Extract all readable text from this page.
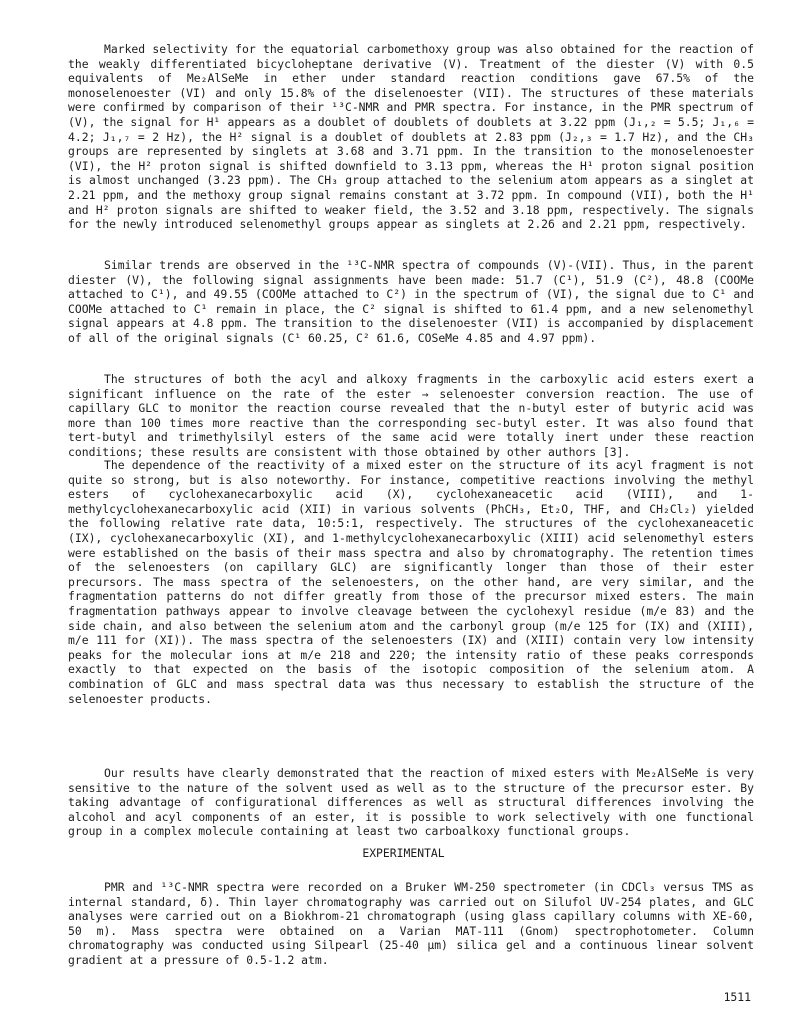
Marked selectivity for the equatorial carbomethoxy group was also obtained for the reaction of the weakly differentiated bicycloheptane derivative (V). Treatment of the diester (V) with 0.5 equivalents of Me₂AlSeMe in ether under standard reaction conditions gave 67.5% of the monoselenoester (VI) and only 15.8% of the diselenoester (VII). The structures of these materials were confirmed by comparison of their ¹³C-NMR and PMR spectra. For instance, in the PMR spectrum of (V), the signal for H¹ appears as a doublet of doublets of doublets at 3.22 ppm (J₁,₂ = 5.5; J₁,₆ = 4.2; J₁,₇ = 2 Hz), the H² signal is a doublet of doublets at 2.83 ppm (J₂,₃ = 1.7 Hz), and the CH₃ groups are represented by singlets at 3.68 and 3.71 ppm. In the transition to the monoselenoester (VI), the H² proton signal is shifted downfield to 3.13 ppm, whereas the H¹ proton signal position is almost unchanged (3.23 ppm). The CH₃ group attached to the selenium atom appears as a singlet at 2.21 ppm, and the methoxy group signal remains constant at 3.72 ppm. In compound (VII), both the H¹ and H² proton signals are shifted to weaker field, the 3.52 and 3.18 ppm, respectively. The signals for the newly introduced selenomethyl groups appear as singlets at 2.26 and 2.21 ppm, respectively.

Similar trends are observed in the ¹³C-NMR spectra of compounds (V)-(VII). Thus, in the parent diester (V), the following signal assignments have been made: 51.7 (C¹), 51.9 (C²), 48.8 (COOMe attached to C¹), and 49.55 (COOMe attached to C²) in the spectrum of (VI), the signal due to C¹ and COOMe attached to C¹ remain in place, the C² signal is shifted to 61.4 ppm, and a new selenomethyl signal appears at 4.8 ppm. The transition to the diselenoester (VII) is accompanied by displacement of all of the original signals (C¹ 60.25, C² 61.6, COSeMe 4.85 and 4.97 ppm).

The structures of both the acyl and alkoxy fragments in the carboxylic acid esters exert a significant influence on the rate of the ester → selenoester conversion reaction. The use of capillary GLC to monitor the reaction course revealed that the n-butyl ester of butyric acid was more than 100 times more reactive than the corresponding sec-butyl ester. It was also found that tert-butyl and trimethylsilyl esters of the same acid were totally inert under these reaction conditions; these results are consistent with those obtained by other authors [3].

The dependence of the reactivity of a mixed ester on the structure of its acyl fragment is not quite so strong, but is also noteworthy. For instance, competitive reactions involving the methyl esters of cyclohexanecarboxylic acid (X), cyclohexaneacetic acid (VIII), and 1-methylcyclohexanecarboxylic acid (XII) in various solvents (PhCH₃, Et₂O, THF, and CH₂Cl₂) yielded the following relative rate data, 10:5:1, respectively. The structures of the cyclohexaneacetic (IX), cyclohexanecarboxylic (XI), and 1-methylcyclohexanecarboxylic (XIII) acid selenomethyl esters were established on the basis of their mass spectra and also by chromatography. The retention times of the selenoesters (on capillary GLC) are significantly longer than those of their ester precursors. The mass spectra of the selenoesters, on the other hand, are very similar, and the fragmentation patterns do not differ greatly from those of the precursor mixed esters. The main fragmentation pathways appear to involve cleavage between the cyclohexyl residue (m/e 83) and the side chain, and also between the selenium atom and the carbonyl group (m/e 125 for (IX) and (XIII), m/e 111 for (XI)). The mass spectra of the selenoesters (IX) and (XIII) contain very low intensity peaks for the molecular ions at m/e 218 and 220; the intensity ratio of these peaks corresponds exactly to that expected on the basis of the isotopic composition of the selenium atom. A combination of GLC and mass spectral data was thus necessary to establish the structure of the selenoester products.

Our results have clearly demonstrated that the reaction of mixed esters with Me₂AlSeMe is very sensitive to the nature of the solvent used as well as to the structure of the precursor ester. By taking advantage of configurational differences as well as structural differences involving the alcohol and acyl components of an ester, it is possible to work selectively with one functional group in a complex molecule containing at least two carboalkoxy functional groups.

EXPERIMENTAL

PMR and ¹³C-NMR spectra were recorded on a Bruker WM-250 spectrometer (in CDCl₃ versus TMS as internal standard, δ). Thin layer chromatography was carried out on Silufol UV-254 plates, and GLC analyses were carried out on a Biokhrom-21 chromatograph (using glass capillary columns with XE-60, 50 m). Mass spectra were obtained on a Varian MAT-111 (Gnom) spectrophotometer. Column chromatography was conducted using Silpearl (25-40 μm) silica gel and a continuous linear solvent gradient at a pressure of 0.5-1.2 atm.

1511
